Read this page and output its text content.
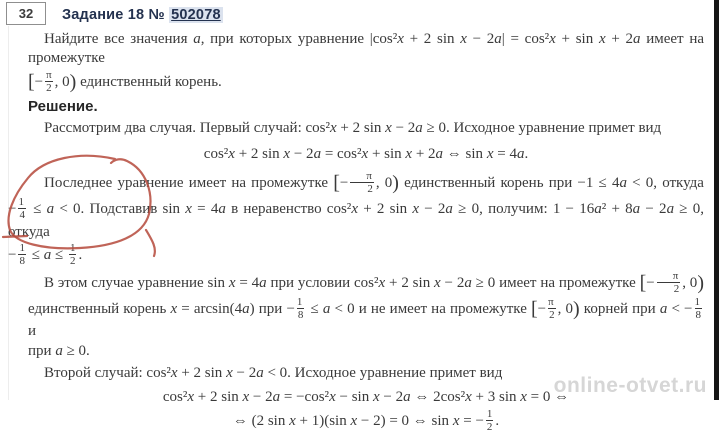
32 Задание 18 № 502078
Найдите все значения a, при которых уравнение |cos²x + 2 sin x − 2a| = cos²x + sin x + 2a имеет на промежутке
[− $\frac{\pi}{2}$ , 0) единственный корень.
Решение.
Рассмотрим два случая. Первый случай: cos²x + 2 sin x − 2a ≥ 0. Исходное уравнение примет вид
cos²x + 2 sin x − 2a = cos²x + sin x + 2a ⇔ sin x = 4a.
Последнее уравнение имеет на промежутке [− $\frac{\pi}{2}$ , 0) единственный корень при −1 ≤ 4a < 0, откуда
− $\frac{1}{4} \le a < 0$. Подставив sin x = 4a в неравенство cos²x + 2 sin x − 2a ≥ 0, получим: 1 − 16a² + 8a − 2a ≥ 0, откуда
− $\frac{1}{8} \le a \le \frac{1}{2}$ .
В этом случае уравнение sin x = 4a при условии cos²x + 2 sin x − 2a ≥ 0 имеет на промежутке [− $\frac{\pi}{2}$ , 0)
единственный корень x = arcsin(4a) при − $\frac{1}{8} \le a < 0$ и не имеет на промежутке [− $\frac{\pi}{2}$ , 0) корней при a < − $\frac{1}{8}$
и
при a ≥ 0.
Второй случай: cos²x + 2 sin x − 2a < 0. Исходное уравнение примет вид
cos²x + 2 sin x − 2a = −cos²x − sin x − 2a ⇔ 2cos²x + 3 sin x = 0 ⇔
⇔ (2 sin x + 1)(sin x − 2) = 0 ⇔ sin x = − $\frac{1}{2}$ .
online-otvet.ru
